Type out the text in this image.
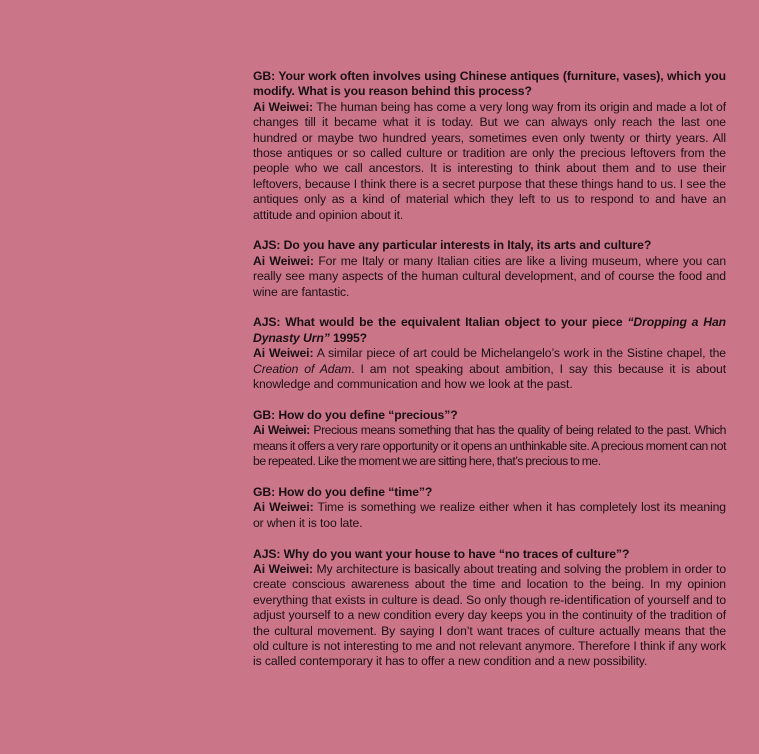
GB: Your work often involves using Chinese antiques (furniture, vases), which you modify. What is you reason behind this process?

Ai Weiwei: The human being has come a very long way from its origin and made a lot of changes till it became what it is today. But we can always only reach the last one hundred or maybe two hundred years, sometimes even only twenty or thirty years. All those antiques or so called culture or tradition are only the precious leftovers from the people who we call ancestors. It is interesting to think about them and to use their leftovers, because I think there is a secret purpose that these things hand to us. I see the antiques only as a kind of material which they left to us to respond to and have an attitude and opinion about it.

AJS: Do you have any particular interests in Italy, its arts and culture?

Ai Weiwei: For me Italy or many Italian cities are like a living museum, where you can really see many aspects of the human cultural development, and of course the food and wine are fantastic.

AJS: What would be the equivalent Italian object to your piece “Dropping a Han Dynasty Urn” 1995?

Ai Weiwei: A similar piece of art could be Michelangelo’s work in the Sistine chapel, the Creation of Adam. I am not speaking about ambition, I say this because it is about knowledge and communication and how we look at the past.

GB: How do you define “precious”?

Ai Weiwei: Precious means something that has the quality of being related to the past. Which means it offers a very rare opportunity or it opens an unthinkable site. A precious moment can not be repeated. Like the moment we are sitting here, that’s precious to me.

GB: How do you define “time”?

Ai Weiwei: Time is something we realize either when it has completely lost its meaning or when it is too late.

AJS: Why do you want your house to have “no traces of culture”?

Ai Weiwei: My architecture is basically about treating and solving the problem in order to create conscious awareness about the time and location to the being. In my opinion everything that exists in culture is dead. So only though re-identification of yourself and to adjust yourself to a new condition every day keeps you in the continuity of the tradition of the cultural movement. By saying I don’t want traces of culture actually means that the old culture is not interesting to me and not relevant anymore. Therefore I think if any work is called contemporary it has to offer a new condition and a new possibility.
